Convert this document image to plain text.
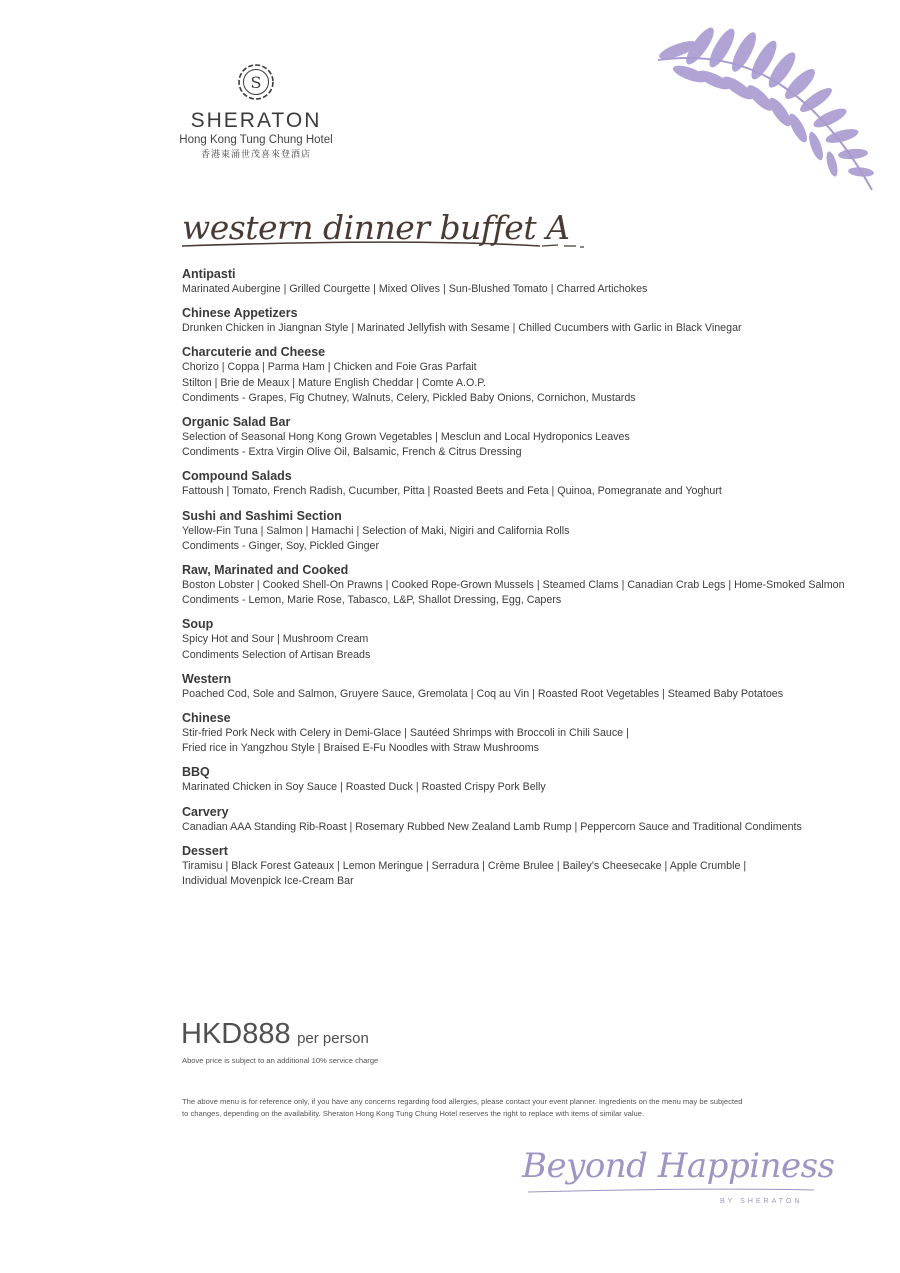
S
SHERATON
Hong Kong Tung Chung Hotel
香港東涌世茂喜來登酒店
western dinner buffet A
Antipasti
Marinated Aubergine | Grilled Courgette | Mixed Olives | Sun-Blushed Tomato | Charred Artichokes
Chinese Appetizers
Drunken Chicken in Jiangnan Style | Marinated Jellyfish with Sesame | Chilled Cucumbers with Garlic in Black Vinegar
Charcuterie and Cheese
Chorizo | Coppa | Parma Ham | Chicken and Foie Gras Parfait
Stilton | Brie de Meaux | Mature English Cheddar | Comte A.O.P.
Condiments - Grapes, Fig Chutney, Walnuts, Celery, Pickled Baby Onions, Cornichon, Mustards
Organic Salad Bar
Selection of Seasonal Hong Kong Grown Vegetables | Mesclun and Local Hydroponics Leaves
Condiments - Extra Virgin Olive Oil, Balsamic, French & Citrus Dressing
Compound Salads
Fattoush | Tomato, French Radish, Cucumber, Pitta | Roasted Beets and Feta | Quinoa, Pomegranate and Yoghurt
Sushi and Sashimi Section
Yellow-Fin Tuna | Salmon | Hamachi | Selection of Maki, Nigiri and California Rolls
Condiments - Ginger, Soy, Pickled Ginger
Raw, Marinated and Cooked
Boston Lobster | Cooked Shell-On Prawns | Cooked Rope-Grown Mussels | Steamed Clams | Canadian Crab Legs | Home-Smoked Salmon
Condiments - Lemon, Marie Rose, Tabasco, L&P, Shallot Dressing, Egg, Capers
Soup
Spicy Hot and Sour | Mushroom Cream
Condiments Selection of Artisan Breads
Western
Poached Cod, Sole and Salmon, Gruyere Sauce, Gremolata | Coq au Vin | Roasted Root Vegetables | Steamed Baby Potatoes
Chinese
Stir-fried Pork Neck with Celery in Demi-Glace | Sautéed Shrimps with Broccoli in Chili Sauce |
Fried rice in Yangzhou Style | Braised E-Fu Noodles with Straw Mushrooms
BBQ
Marinated Chicken in Soy Sauce | Roasted Duck | Roasted Crispy Pork Belly
Carvery
Canadian AAA Standing Rib-Roast | Rosemary Rubbed New Zealand Lamb Rump | Peppercorn Sauce and Traditional Condiments
Dessert
Tiramisu | Black Forest Gateaux | Lemon Meringue | Serradura | Crème Brulee | Bailey’s Cheesecake | Apple Crumble |
Individual Movenpick Ice-Cream Bar
HKD888 per person
Above price is subject to an additional 10% service charge
The above menu is for reference only, if you have any concerns regarding food allergies, please contact your event planner. Ingredients on the menu may be subjected
to changes, depending on the availability. Sheraton Hong Kong Tung Chung Hotel reserves the right to replace with items of similar value.
Beyond Happiness
BY SHERATON
